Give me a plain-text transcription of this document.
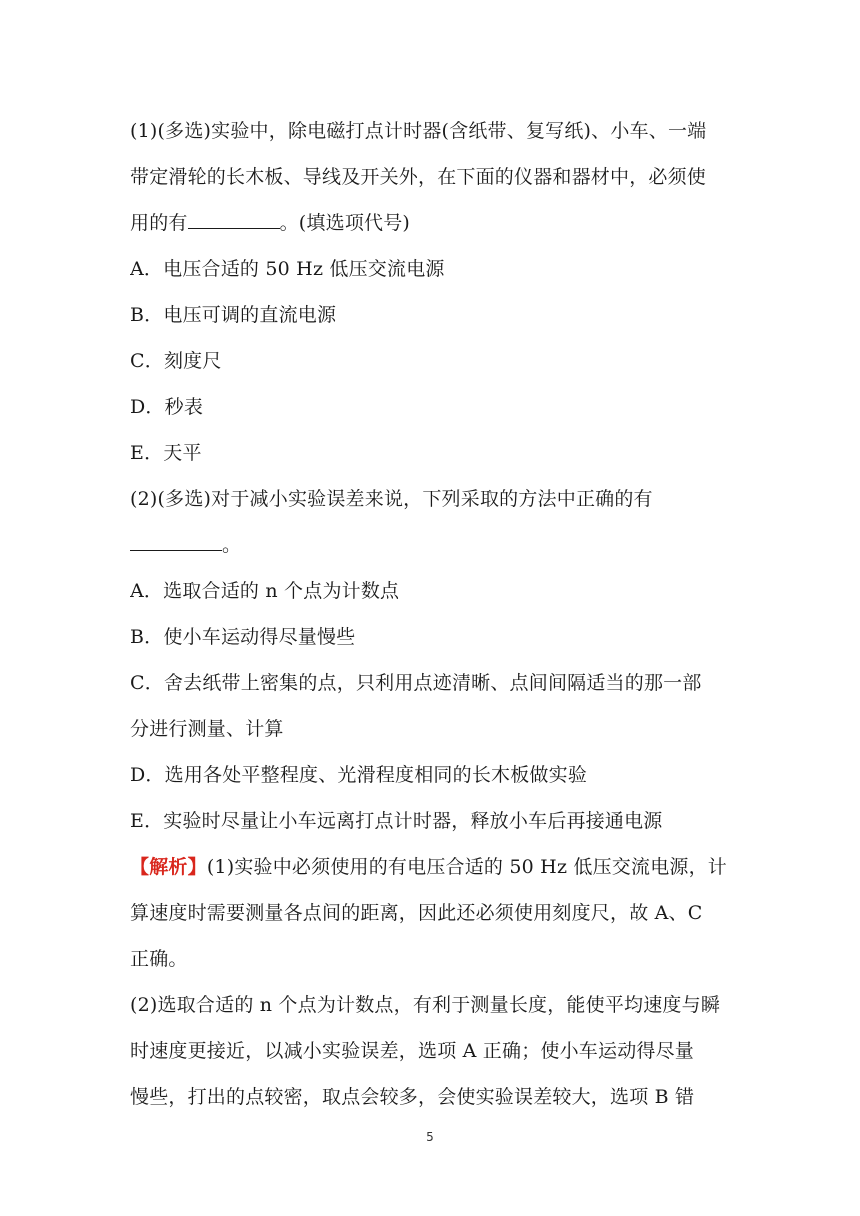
(1)(多选)实验中，除电磁打点计时器(含纸带、复写纸)、小车、一端
带定滑轮的长木板、导线及开关外，在下面的仪器和器材中，必须使
用的有	。(填选项代号)
A．电压合适的 50 Hz 低压交流电源
B．电压可调的直流电源
C．刻度尺
D．秒表
E．天平
(2)(多选)对于减小实验误差来说，下列采取的方法中正确的有
。
A．选取合适的 n 个点为计数点
B．使小车运动得尽量慢些
C．舍去纸带上密集的点，只利用点迹清晰、点间间隔适当的那一部
分进行测量、计算
D．选用各处平整程度、光滑程度相同的长木板做实验
E．实验时尽量让小车远离打点计时器，释放小车后再接通电源
【解析】(1)实验中必须使用的有电压合适的 50 Hz 低压交流电源，计
算速度时需要测量各点间的距离，因此还必须使用刻度尺，故 A、C
正确。
(2)选取合适的 n 个点为计数点，有利于测量长度，能使平均速度与瞬
时速度更接近，以减小实验误差，选项 A 正确；使小车运动得尽量
慢些，打出的点较密，取点会较多，会使实验误差较大，选项 B 错
5
